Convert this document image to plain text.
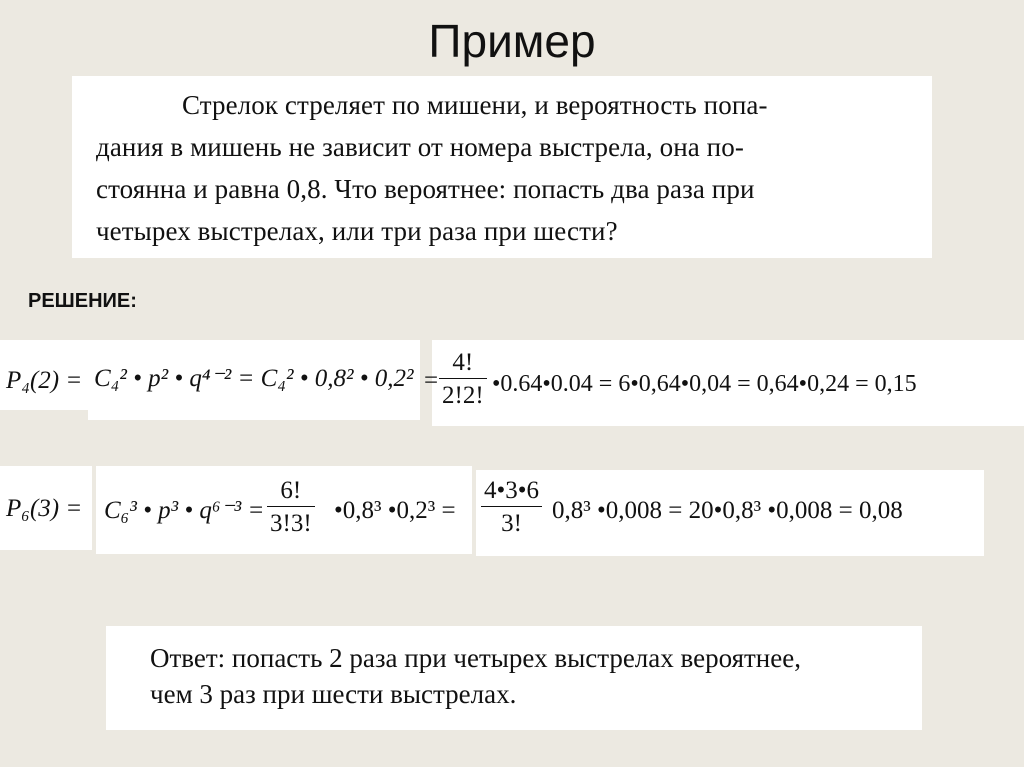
Пример

Стрелок стреляет по мишени, и вероятность попа-
дания в мишень не зависит от номера выстрела, она по-
стоянна и равна 0,8. Что вероятнее: попасть два раза при
четырех выстрелах, или три раза при шести?

РЕШЕНИЕ:
P₄(2) = C₄² • p² • q⁴⁻² = C₄² • 0,8² • $0,2^2 = \frac{4!}{2!2!}$ •0.64•0.04 = 6•0,64•0,04 = 0,64•0,24 = 0,15
P₆(3) = C₆³ • p³ • $q^{6-3} = \frac{6!}{3!3!}$ •0,8³ •0,2³ = $\frac{4•3•6}{3!} 0,8^3$ •0,008 = 20•0,8³ •0,008 = 0,08

Ответ: попасть 2 раза при четырех выстрелах вероятнее,
чем 3 раз при шести выстрелах.
